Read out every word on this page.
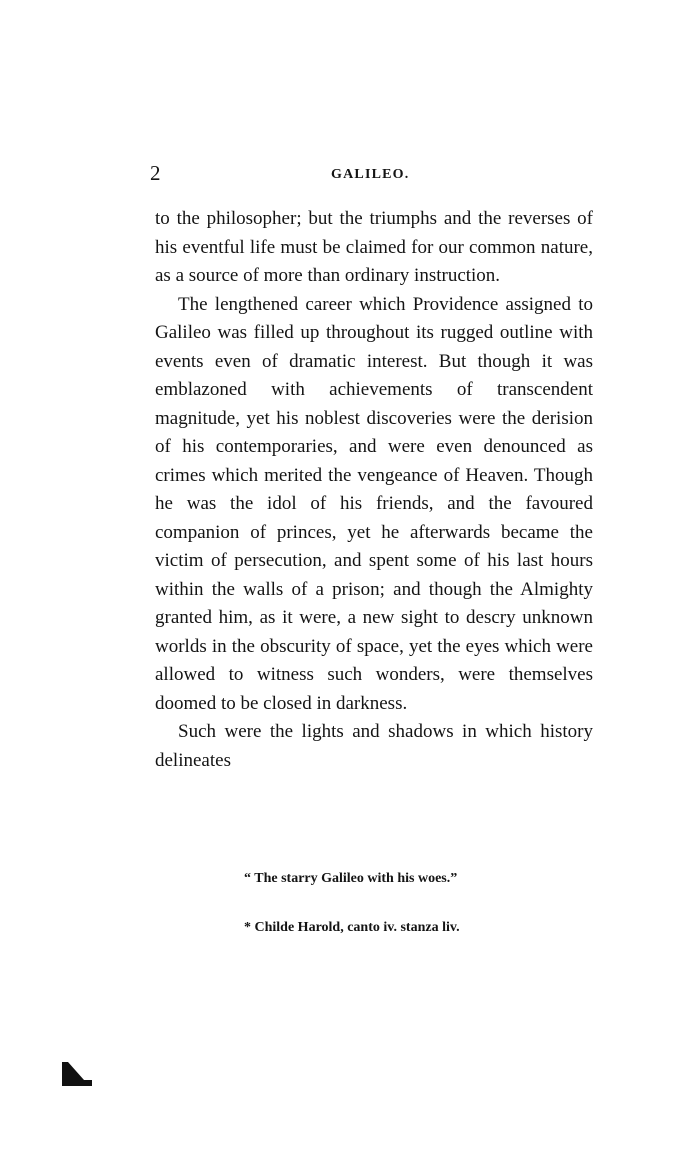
2	GALILEO.

to the philosopher; but the triumphs and the reverses of his eventful life must be claimed for our common nature, as a source of more than ordinary instruction.

The lengthened career which Providence assigned to Galileo was filled up throughout its rugged outline with events even of dramatic interest. But though it was emblazoned with achievements of transcendent magnitude, yet his noblest discoveries were the derision of his contemporaries, and were even denounced as crimes which merited the vengeance of Heaven. Though he was the idol of his friends, and the favoured companion of princes, yet he afterwards became the victim of persecution, and spent some of his last hours within the walls of a prison; and though the Almighty granted him, as it were, a new sight to descry unknown worlds in the obscurity of space, yet the eyes which were allowed to witness such wonders, were themselves doomed to be closed in darkness.

Such were the lights and shadows in which history delineates

“ The starry Galileo with his woes.”
* Childe Harold, canto iv. stanza liv.
